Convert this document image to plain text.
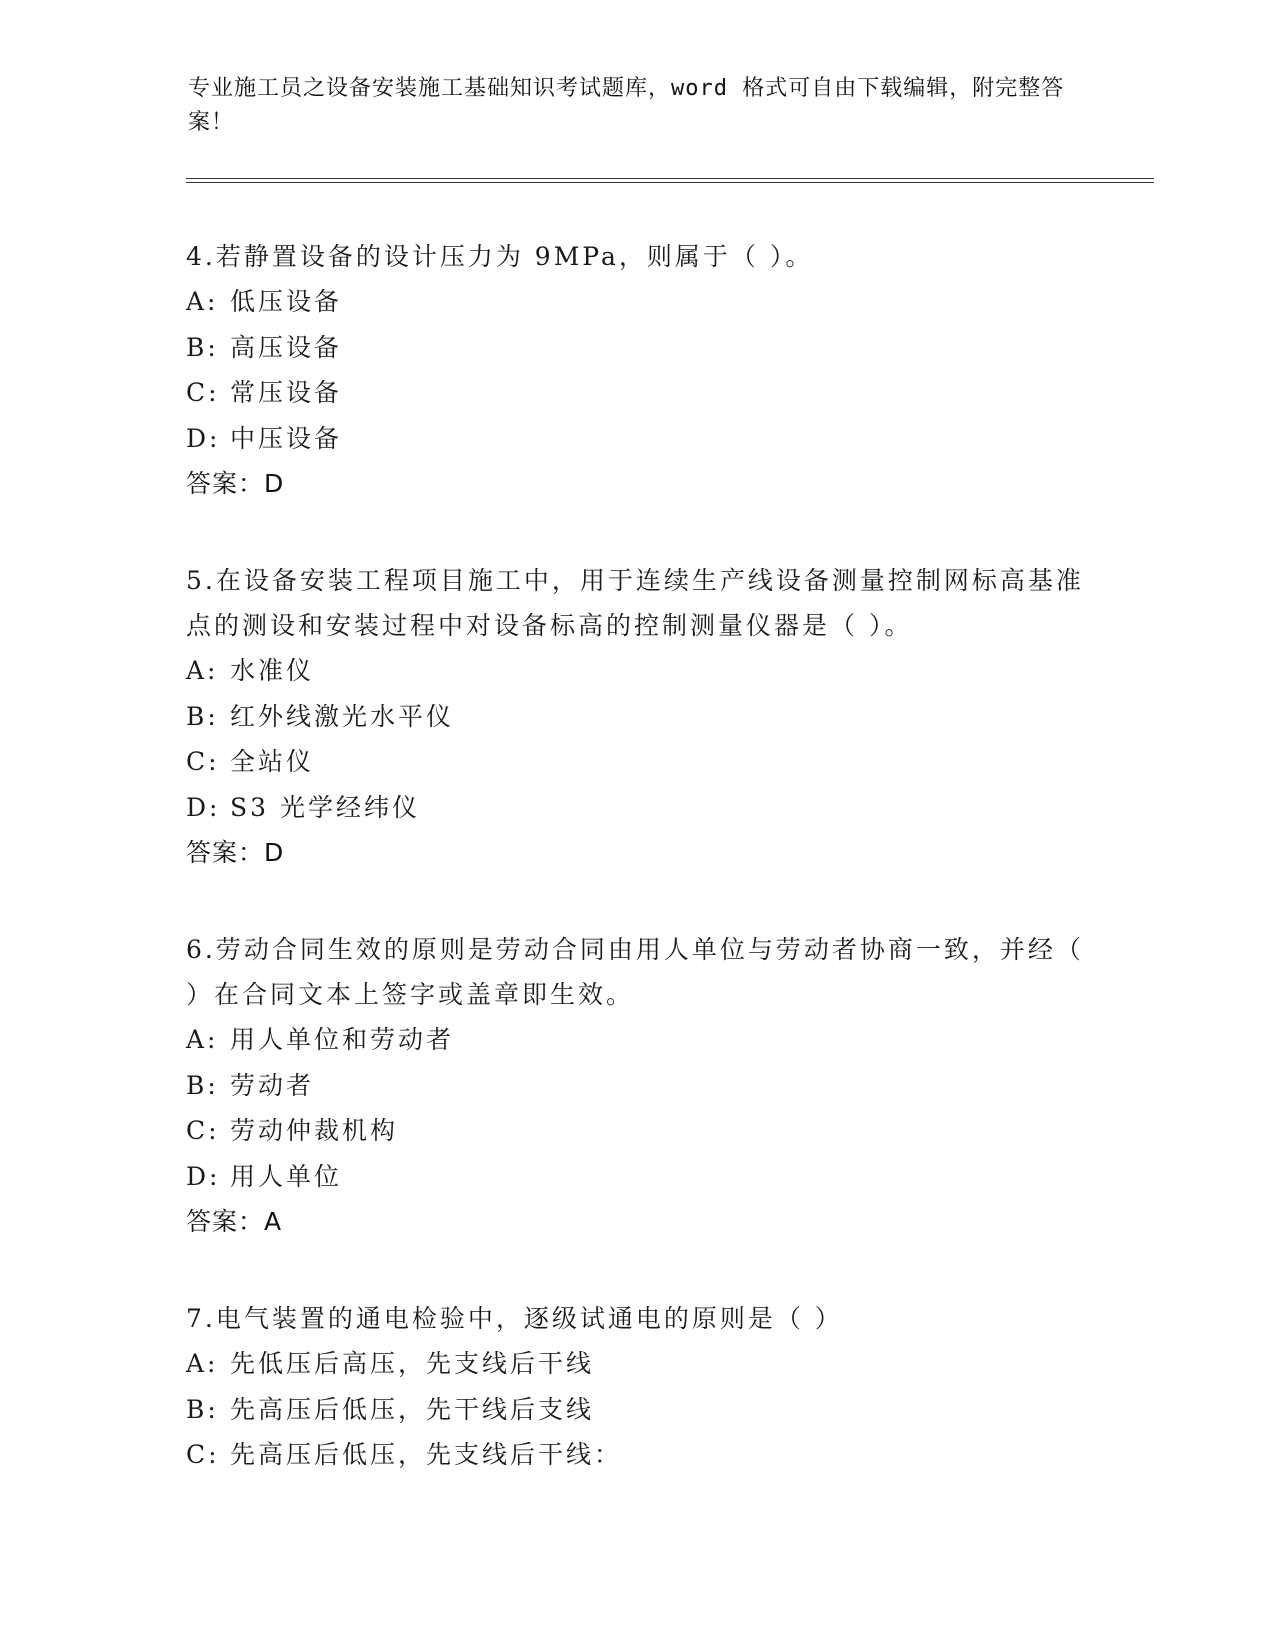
专业施工员之设备安装施工基础知识考试题库，word 格式可自由下载编辑，附完整答案！

4.若静置设备的设计压力为 9MPa，则属于（ ）。

A: 低压设备
B: 高压设备
C: 常压设备
D: 中压设备
答案：D

5.在设备安装工程项目施工中，用于连续生产线设备测量控制网标高基准点的测设和安装过程中对设备标高的控制测量仪器是（ ）。

A: 水准仪
B: 红外线激光水平仪
C: 全站仪
D: S3 光学经纬仪
答案：D

6.劳动合同生效的原则是劳动合同由用人单位与劳动者协商一致，并经（ ）在合同文本上签字或盖章即生效。

A: 用人单位和劳动者
B: 劳动者
C: 劳动仲裁机构
D: 用人单位
答案：A

7.电气装置的通电检验中，逐级试通电的原则是（ ）

A: 先低压后高压，先支线后干线
B: 先高压后低压，先干线后支线
C: 先高压后低压，先支线后干线：
